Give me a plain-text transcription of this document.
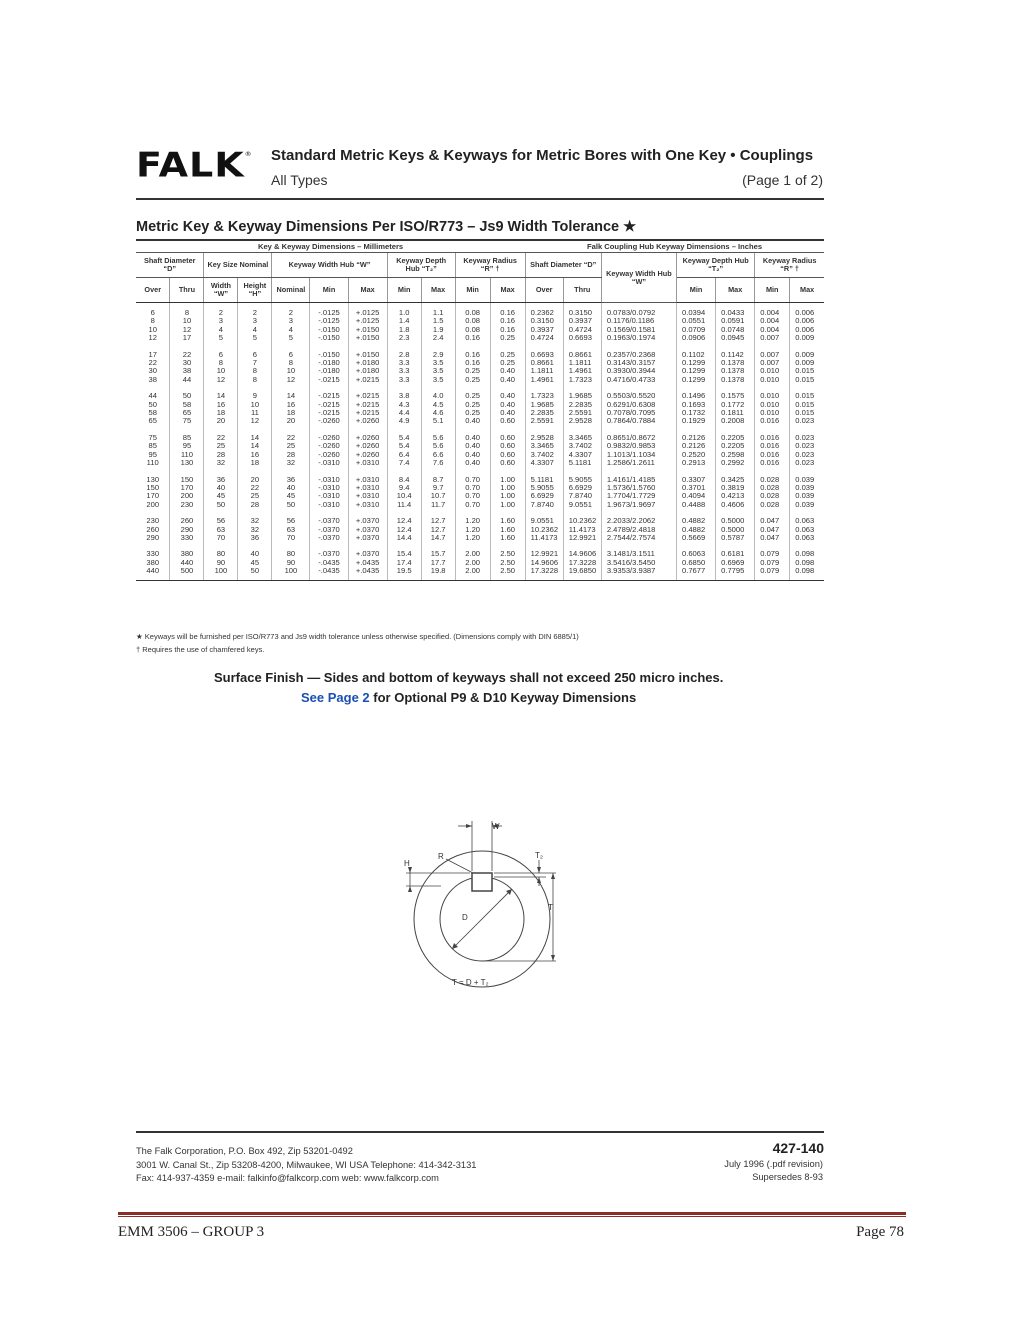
FALK ® Standard Metric Keys & Keyways for Metric Bores with One Key • Couplings
All Types	(Page 1 of 2)
Metric Key & Keyway Dimensions Per ISO/R773 – Js9 Width Tolerance ★
Key & Keyway Dimensions – Millimeters											Falk Coupling Hub Keyway Dimensions – Inches						
Shaft Diameter “D”		Key Size Nominal		Keyway Width Hub “W”			Keyway Depth Hub “T₂”		Keyway Radius “R” †		Shaft Diameter “D”		Keyway Width Hub “W”	Keyway Depth Hub “T₂”		Keyway Radius “R” †	
Over	Thru	Width “W”	Height “H”	Nominal	Min	Max	Min	Max	Min	Max	Over	Thru		Min	Max	Min	Max
6	8	2	2	2	-.0125	+.0125	1.0	1.1	0.08	0.16	0.2362	0.3150	0.0783/0.0792	0.0394	0.0433	0.004	0.006
8	10	3	3	3	-.0125	+.0125	1.4	1.5	0.08	0.16	0.3150	0.3937	0.1176/0.1186	0.0551	0.0591	0.004	0.006
10	12	4	4	4	-.0150	+.0150	1.8	1.9	0.08	0.16	0.3937	0.4724	0.1569/0.1581	0.0709	0.0748	0.004	0.006
12	17	5	5	5	-.0150	+.0150	2.3	2.4	0.16	0.25	0.4724	0.6693	0.1963/0.1974	0.0906	0.0945	0.007	0.009
17	22	6	6	6	-.0150	+.0150	2.8	2.9	0.16	0.25	0.6693	0.8661	0.2357/0.2368	0.1102	0.1142	0.007	0.009
22	30	8	7	8	-.0180	+.0180	3.3	3.5	0.16	0.25	0.8661	1.1811	0.3143/0.3157	0.1299	0.1378	0.007	0.009
30	38	10	8	10	-.0180	+.0180	3.3	3.5	0.25	0.40	1.1811	1.4961	0.3930/0.3944	0.1299	0.1378	0.010	0.015
38	44	12	8	12	-.0215	+.0215	3.3	3.5	0.25	0.40	1.4961	1.7323	0.4716/0.4733	0.1299	0.1378	0.010	0.015
44	50	14	9	14	-.0215	+.0215	3.8	4.0	0.25	0.40	1.7323	1.9685	0.5503/0.5520	0.1496	0.1575	0.010	0.015
50	58	16	10	16	-.0215	+.0215	4.3	4.5	0.25	0.40	1.9685	2.2835	0.6291/0.6308	0.1693	0.1772	0.010	0.015
58	65	18	11	18	-.0215	+.0215	4.4	4.6	0.25	0.40	2.2835	2.5591	0.7078/0.7095	0.1732	0.1811	0.010	0.015
65	75	20	12	20	-.0260	+.0260	4.9	5.1	0.40	0.60	2.5591	2.9528	0.7864/0.7884	0.1929	0.2008	0.016	0.023
75	85	22	14	22	-.0260	+.0260	5.4	5.6	0.40	0.60	2.9528	3.3465	0.8651/0.8672	0.2126	0.2205	0.016	0.023
85	95	25	14	25	-.0260	+.0260	5.4	5.6	0.40	0.60	3.3465	3.7402	0.9832/0.9853	0.2126	0.2205	0.016	0.023
95	110	28	16	28	-.0260	+.0260	6.4	6.6	0.40	0.60	3.7402	4.3307	1.1013/1.1034	0.2520	0.2598	0.016	0.023
110	130	32	18	32	-.0310	+.0310	7.4	7.6	0.40	0.60	4.3307	5.1181	1.2586/1.2611	0.2913	0.2992	0.016	0.023
130	150	36	20	36	-.0310	+.0310	8.4	8.7	0.70	1.00	5.1181	5.9055	1.4161/1.4185	0.3307	0.3425	0.028	0.039
150	170	40	22	40	-.0310	+.0310	9.4	9.7	0.70	1.00	5.9055	6.6929	1.5736/1.5760	0.3701	0.3819	0.028	0.039
170	200	45	25	45	-.0310	+.0310	10.4	10.7	0.70	1.00	6.6929	7.8740	1.7704/1.7729	0.4094	0.4213	0.028	0.039
200	230	50	28	50	-.0310	+.0310	11.4	11.7	0.70	1.00	7.8740	9.0551	1.9673/1.9697	0.4488	0.4606	0.028	0.039
230	260	56	32	56	-.0370	+.0370	12.4	12.7	1.20	1.60	9.0551	10.2362	2.2033/2.2062	0.4882	0.5000	0.047	0.063
260	290	63	32	63	-.0370	+.0370	12.4	12.7	1.20	1.60	10.2362	11.4173	2.4789/2.4818	0.4882	0.5000	0.047	0.063
290	330	70	36	70	-.0370	+.0370	14.4	14.7	1.20	1.60	11.4173	12.9921	2.7544/2.7574	0.5669	0.5787	0.047	0.063
330	380	80	40	80	-.0370	+.0370	15.4	15.7	2.00	2.50	12.9921	14.9606	3.1481/3.1511	0.6063	0.6181	0.079	0.098
380	440	90	45	90	-.0435	+.0435	17.4	17.7	2.00	2.50	14.9606	17.3228	3.5416/3.5450	0.6850	0.6969	0.079	0.098
440	500	100	50	100	-.0435	+.0435	19.5	19.8	2.00	2.50	17.3228	19.6850	3.9353/3.9387	0.7677	0.7795	0.079	0.098
★ Keyways will be furnished per ISO/R773 and Js9 width tolerance unless otherwise specified. (Dimensions comply with DIN 6885/1)
† Requires the use of chamfered keys.
Surface Finish — Sides and bottom of keyways shall not exceed 250 micro inches.
See Page 2 for Optional P9 & D10 Keyway Dimensions
W
T₂
H
R
T
D
T = D + T₂
The Falk Corporation, P.O. Box 492, Zip 53201-0492
3001 W. Canal St., Zip 53208-4200, Milwaukee, WI USA Telephone: 414-342-3131
Fax: 414-937-4359 e-mail: falkinfo@falkcorp.com web: www.falkcorp.com
427-140
July 1996 (.pdf revision)
Supersedes 8-93
EMM 3506 – GROUP 3	Page 78
